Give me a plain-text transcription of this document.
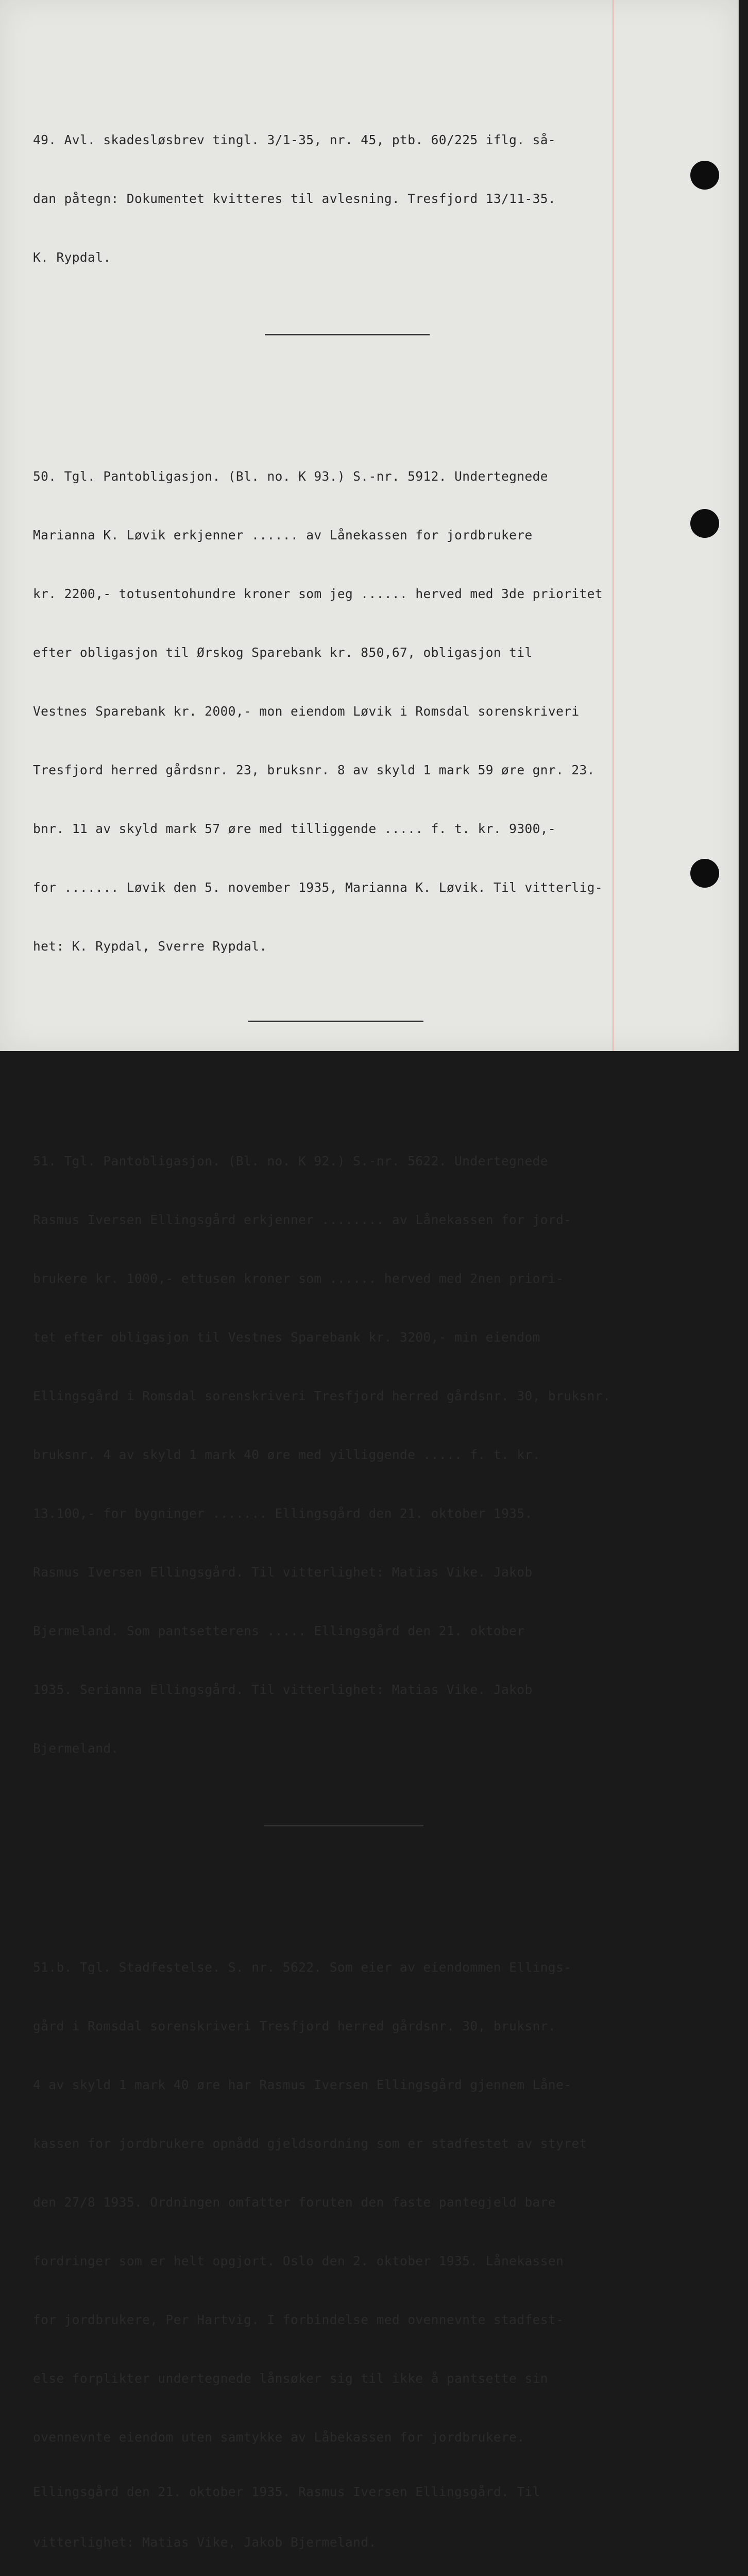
49. Avl. skadesløsbrev tingl. 3/1-35, nr. 45, ptb. 60/225 iflg. så-

dan påtegn: Dokumentet kvitteres til avlesning. Tresfjord 13/11-35.

K. Rypdal.

50. Tgl. Pantobligasjon. (Bl. no. K 93.) S.-nr. 5912. Undertegnede

Marianna K. Løvik erkjenner ...... av Lånekassen for jordbrukere

kr. 2200,- totusentohundre kroner som jeg ...... herved med 3de prioritet

efter obligasjon til Ørskog Sparebank kr. 850,67, obligasjon til

Vestnes Sparebank kr. 2000,- mon eiendom Løvik i Romsdal sorenskriveri

Tresfjord herred gårdsnr. 23, bruksnr. 8 av skyld 1 mark 59 øre gnr. 23.

bnr. 11 av skyld mark 57 øre med tilliggende ..... f. t. kr. 9300,-

for ....... Løvik den 5. november 1935, Marianna K. Løvik. Til vitterlig-

het: K. Rypdal, Sverre Rypdal.

51. Tgl. Pantobligasjon. (Bl. no. K 92.) S.-nr. 5622. Undertegnede

Rasmus Iversen Ellingsgård erkjenner ........ av Lånekassen for jord-

brukere kr. 1000,- ettusen kroner som ...... herved med 2nen priori-

tet efter obligasjon til Vestnes Sparebank kr. 3200,- min eiendom

Ellingsgård i Romsdal sorenskriveri Tresfjord herred gårdsnr. 30, bruksnr.

bruksnr. 4 av skyld 1 mark 40 øre med yilliggende ..... f. t. kr.

13.100,- for bygninger ....... Ellingsgård den 21. oktober 1935.

Rasmus Iversen Ellingsgård. Til vitterlighet: Matias Vike. Jakob

Bjermeland. Som pantsetterens ..... Ellingsgård den 21. oktober

1935. Serianna Ellingsgård. Til vitterlighet: Matias Vike. Jakob

Bjermeland.

51.b. Tgl. Stadfestelse. S. nr. 5622. Som eier av eiendommen Ellings-

gård i Romsdal sorenskriveri Tresfjord herred gårdsnr. 30, bruksnr.

4 av skyld 1 mark 40 øre har Rasmus Iversen Ellingsgård gjennem Låne-

kassen for jordbrukere opnådd gjeldsordning som er stadfestet av styret

den 27/8 1935. Ordningen omfatter foruten den faste pantegjeld bare

fordringer som er helt opgjort. Oslo den 2. oktober 1935. Lånekassen

for jordbrukere, Per Hartvig. I forbindelse med ovennevnte stadfest-

else forplikter undertegnede lånsøker sig til ikke å pantsette sin

ovennevnte eiendom uten samtykke av Låbekassen for jordbrukere.

Ellingsgård den 21. oktober 1935. Rasmus Iversen Ellingsgård. Til

vitterlighet: Matias Vike, Jakob Bjermeland.
